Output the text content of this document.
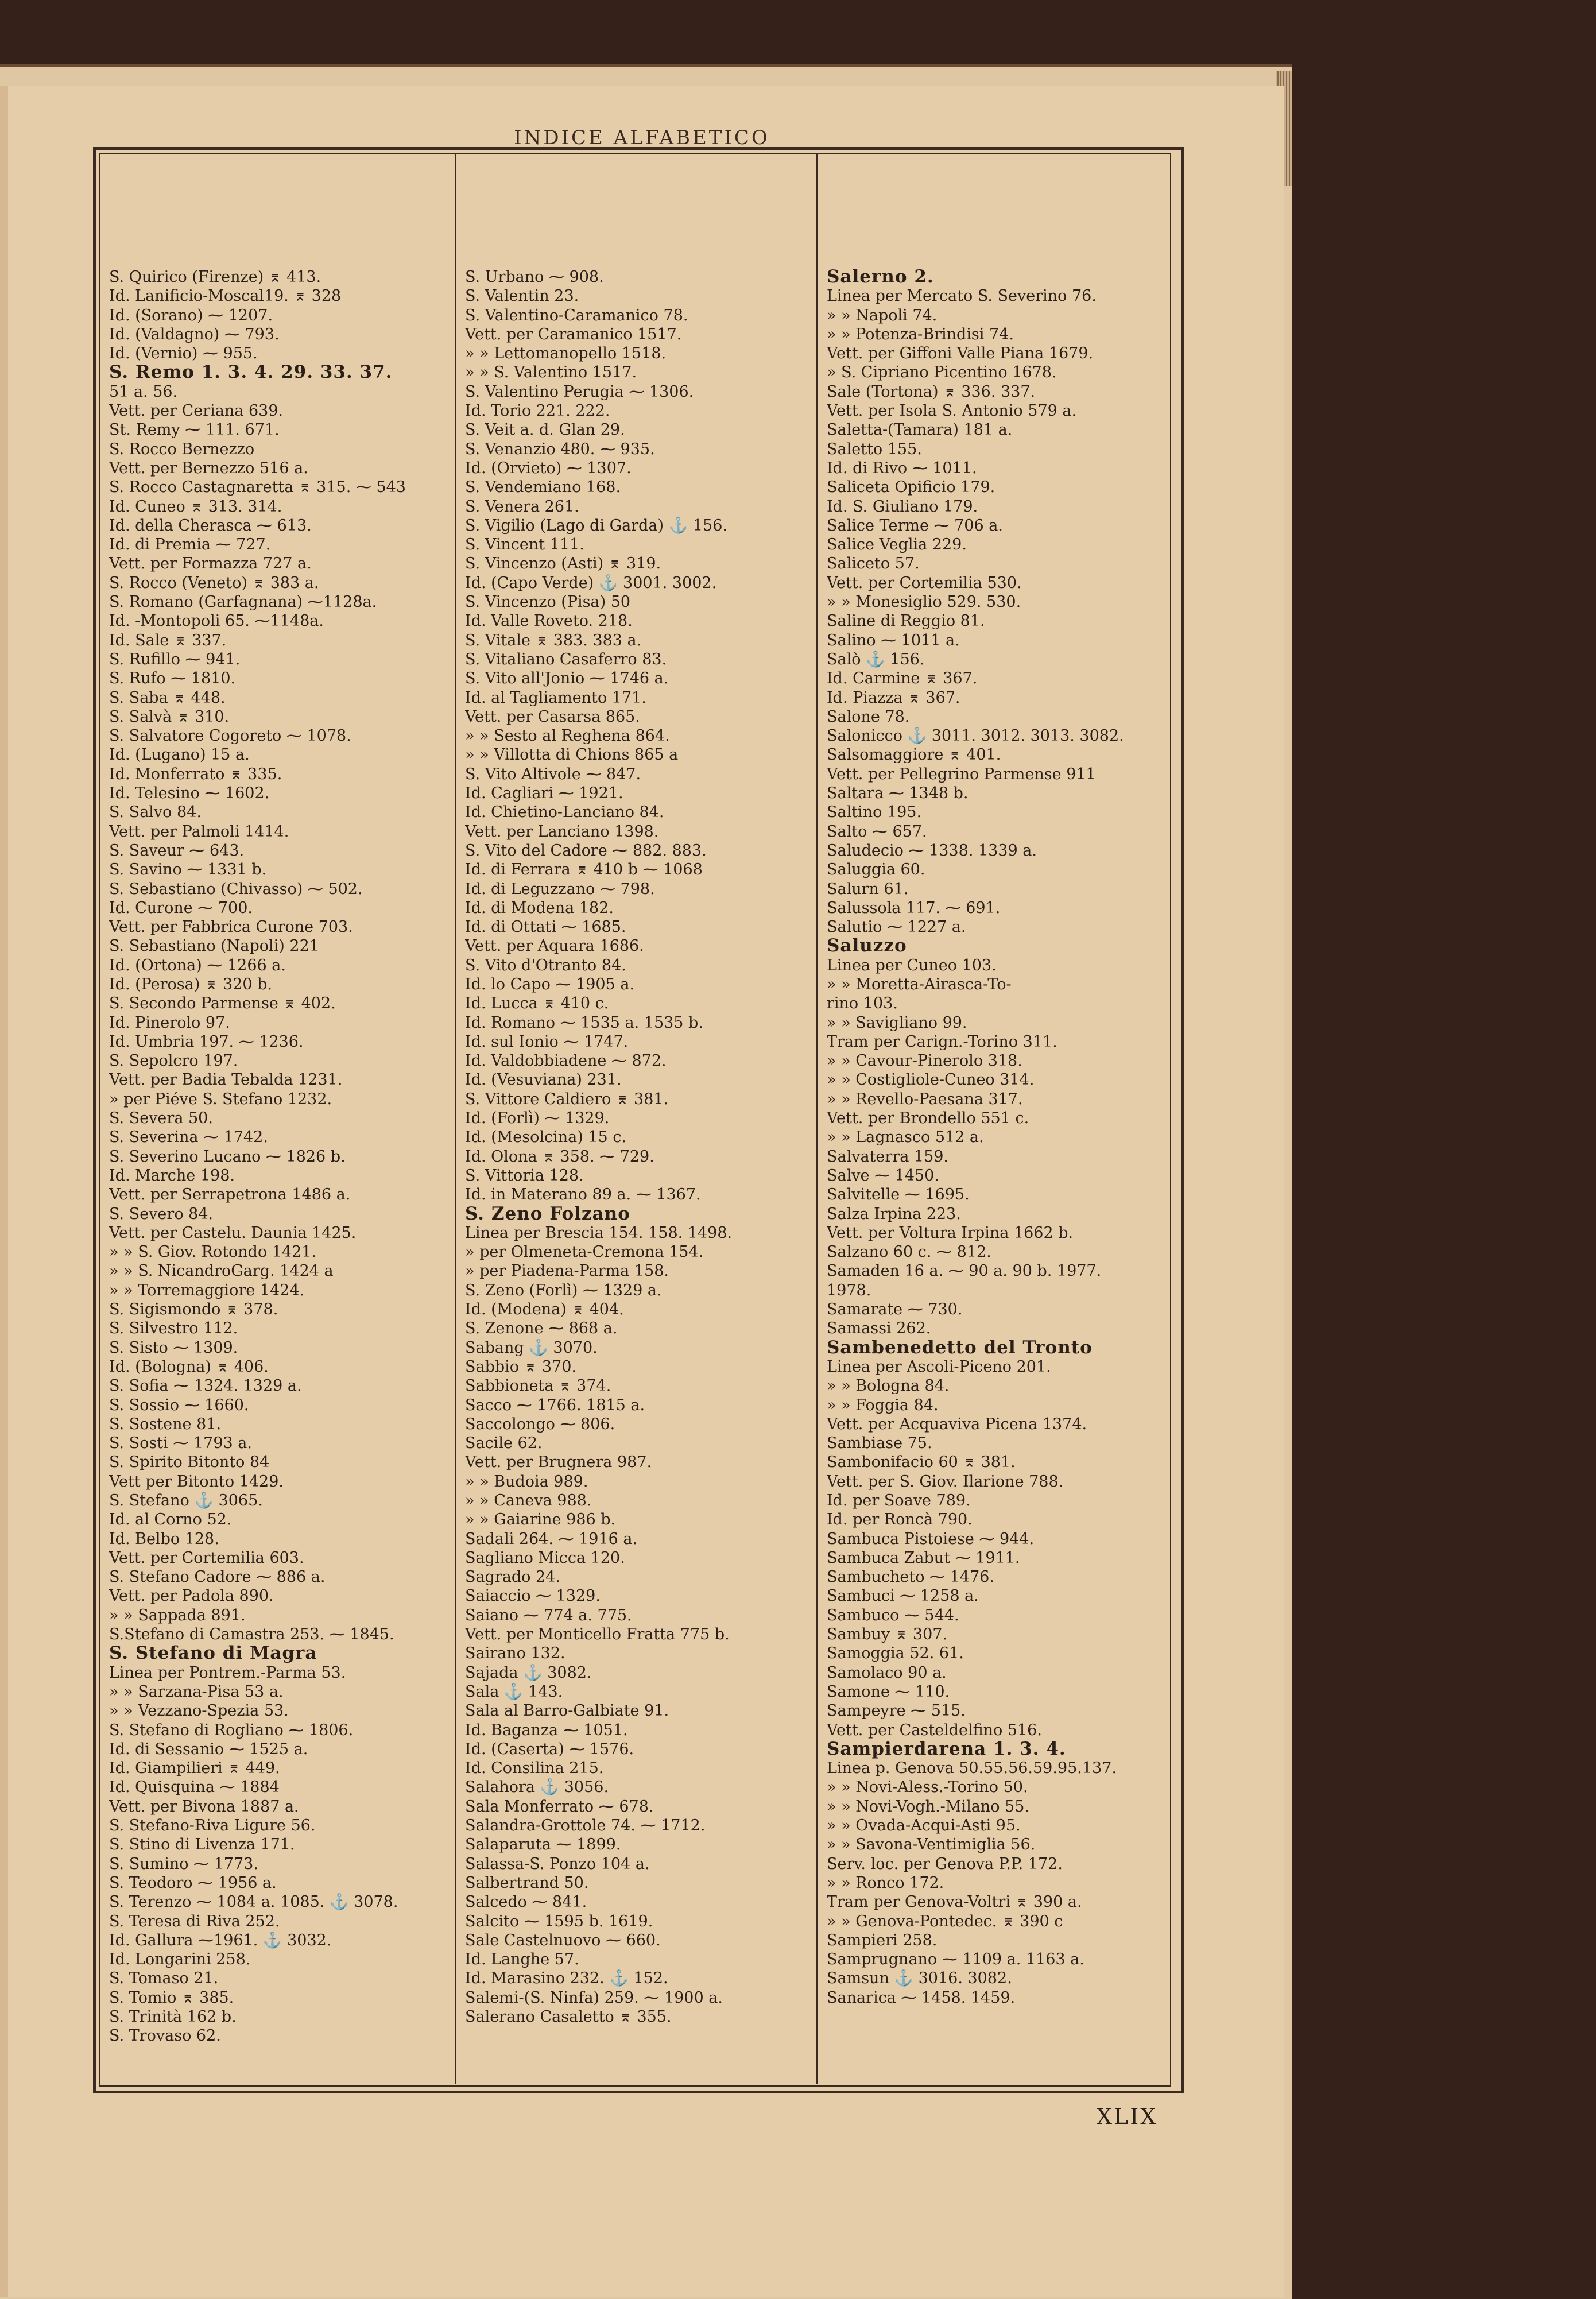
INDICE ALFABETICO
S. Quirico (Firenze) ⌆ 413.
Id. Lanificio-Moscal19. ⌆ 328
Id. (Sorano) ⁓ 1207.
Id. (Valdagno) ⁓ 793.
Id. (Vernio) ⁓ 955.
S. Remo 1. 3. 4. 29. 33. 37.
51 a. 56.
Vett. per Ceriana 639.
St. Remy ⁓ 111. 671.
S. Rocco Bernezzo
Vett. per Bernezzo 516 a.
S. Rocco Castagnaretta ⌆ 315. ⁓ 543
Id. Cuneo ⌆ 313. 314.
Id. della Cherasca ⁓ 613.
Id. di Premia ⁓ 727.
Vett. per Formazza 727 a.
S. Rocco (Veneto) ⌆ 383 a.
S. Romano (Garfagnana) ⁓1128a.
Id. -Montopoli 65. ⁓1148a.
Id. Sale ⌆ 337.
S. Rufillo ⁓ 941.
S. Rufo ⁓ 1810.
S. Saba ⌆ 448.
S. Salvà ⌆ 310.
S. Salvatore Cogoreto ⁓ 1078.
Id. (Lugano) 15 a.
Id. Monferrato ⌆ 335.
Id. Telesino ⁓ 1602.
S. Salvo 84.
Vett. per Palmoli 1414.
S. Saveur ⁓ 643.
S. Savino ⁓ 1331 b.
S. Sebastiano (Chivasso) ⁓ 502.
Id. Curone ⁓ 700.
Vett. per Fabbrica Curone 703.
S. Sebastiano (Napoli) 221
Id. (Ortona) ⁓ 1266 a.
Id. (Perosa) ⌆ 320 b.
S. Secondo Parmense ⌆ 402.
Id. Pinerolo 97.
Id. Umbria 197. ⁓ 1236.
S. Sepolcro 197.
Vett. per Badia Tebalda 1231.
» per Piéve S. Stefano 1232.
S. Severa 50.
S. Severina ⁓ 1742.
S. Severino Lucano ⁓ 1826 b.
Id. Marche 198.
Vett. per Serrapetrona 1486 a.
S. Severo 84.
Vett. per Castelu. Daunia 1425.
» » S. Giov. Rotondo 1421.
» » S. NicandroGarg. 1424 a
» » Torremaggiore 1424.
S. Sigismondo ⌆ 378.
S. Silvestro 112.
S. Sisto ⁓ 1309.
Id. (Bologna) ⌆ 406.
S. Sofia ⁓ 1324. 1329 a.
S. Sossio ⁓ 1660.
S. Sostene 81.
S. Sosti ⁓ 1793 a.
S. Spirito Bitonto 84
Vett per Bitonto 1429.
S. Stefano ⚓ 3065.
Id. al Corno 52.
Id. Belbo 128.
Vett. per Cortemilia 603.
S. Stefano Cadore ⁓ 886 a.
Vett. per Padola 890.
» » Sappada 891.
S.Stefano di Camastra 253. ⁓ 1845.
S. Stefano di Magra
Linea per Pontrem.-Parma 53.
» » Sarzana-Pisa 53 a.
» » Vezzano-Spezia 53.
S. Stefano di Rogliano ⁓ 1806.
Id. di Sessanio ⁓ 1525 a.
Id. Giampilieri ⌆ 449.
Id. Quisquina ⁓ 1884
Vett. per Bivona 1887 a.
S. Stefano-Riva Ligure 56.
S. Stino di Livenza 171.
S. Sumino ⁓ 1773.
S. Teodoro ⁓ 1956 a.
S. Terenzo ⁓ 1084 a. 1085. ⚓ 3078.
S. Teresa di Riva 252.
Id. Gallura ⁓1961. ⚓ 3032.
Id. Longarini 258.
S. Tomaso 21.
S. Tomio ⌆ 385.
S. Trinità 162 b.
S. Trovaso 62.
S. Urbano ⁓ 908.
S. Valentin 23.
S. Valentino-Caramanico 78.
Vett. per Caramanico 1517.
» » Lettomanopello 1518.
» » S. Valentino 1517.
S. Valentino Perugia ⁓ 1306.
Id. Torio 221. 222.
S. Veit a. d. Glan 29.
S. Venanzio 480. ⁓ 935.
Id. (Orvieto) ⁓ 1307.
S. Vendemiano 168.
S. Venera 261.
S. Vigilio (Lago di Garda) ⚓ 156.
S. Vincent 111.
S. Vincenzo (Asti) ⌆ 319.
Id. (Capo Verde) ⚓ 3001. 3002.
S. Vincenzo (Pisa) 50
Id. Valle Roveto. 218.
S. Vitale ⌆ 383. 383 a.
S. Vitaliano Casaferro 83.
S. Vito all'Jonio ⁓ 1746 a.
Id. al Tagliamento 171.
Vett. per Casarsa 865.
» » Sesto al Reghena 864.
» » Villotta di Chions 865 a
S. Vito Altivole ⁓ 847.
Id. Cagliari ⁓ 1921.
Id. Chietino-Lanciano 84.
Vett. per Lanciano 1398.
S. Vito del Cadore ⁓ 882. 883.
Id. di Ferrara ⌆ 410 b ⁓ 1068
Id. di Leguzzano ⁓ 798.
Id. di Modena 182.
Id. di Ottati ⁓ 1685.
Vett. per Aquara 1686.
S. Vito d'Otranto 84.
Id. lo Capo ⁓ 1905 a.
Id. Lucca ⌆ 410 c.
Id. Romano ⁓ 1535 a. 1535 b.
Id. sul Ionio ⁓ 1747.
Id. Valdobbiadene ⁓ 872.
Id. (Vesuviana) 231.
S. Vittore Caldiero ⌆ 381.
Id. (Forlì) ⁓ 1329.
Id. (Mesolcina) 15 c.
Id. Olona ⌆ 358. ⁓ 729.
S. Vittoria 128.
Id. in Materano 89 a. ⁓ 1367.
S. Zeno Folzano
Linea per Brescia 154. 158. 1498.
» per Olmeneta-Cremona 154.
» per Piadena-Parma 158.
S. Zeno (Forlì) ⁓ 1329 a.
Id. (Modena) ⌆ 404.
S. Zenone ⁓ 868 a.
Sabang ⚓ 3070.
Sabbio ⌆ 370.
Sabbioneta ⌆ 374.
Sacco ⁓ 1766. 1815 a.
Saccolongo ⁓ 806.
Sacile 62.
Vett. per Brugnera 987.
» » Budoia 989.
» » Caneva 988.
» » Gaiarine 986 b.
Sadali 264. ⁓ 1916 a.
Sagliano Micca 120.
Sagrado 24.
Saiaccio ⁓ 1329.
Saiano ⁓ 774 a. 775.
Vett. per Monticello Fratta 775 b.
Sairano 132.
Sajada ⚓ 3082.
Sala ⚓ 143.
Sala al Barro-Galbiate 91.
Id. Baganza ⁓ 1051.
Id. (Caserta) ⁓ 1576.
Id. Consilina 215.
Salahora ⚓ 3056.
Sala Monferrato ⁓ 678.
Salandra-Grottole 74. ⁓ 1712.
Salaparuta ⁓ 1899.
Salassa-S. Ponzo 104 a.
Salbertrand 50.
Salcedo ⁓ 841.
Salcito ⁓ 1595 b. 1619.
Sale Castelnuovo ⁓ 660.
Id. Langhe 57.
Id. Marasino 232. ⚓ 152.
Salemi-(S. Ninfa) 259. ⁓ 1900 a.
Salerano Casaletto ⌆ 355.
Salerno 2.
Linea per Mercato S. Severino 76.
» » Napoli 74.
» » Potenza-Brindisi 74.
Vett. per Giffoni Valle Piana 1679.
» S. Cipriano Picentino 1678.
Sale (Tortona) ⌆ 336. 337.
Vett. per Isola S. Antonio 579 a.
Saletta-(Tamara) 181 a.
Saletto 155.
Id. di Rivo ⁓ 1011.
Saliceta Opificio 179.
Id. S. Giuliano 179.
Salice Terme ⁓ 706 a.
Salice Veglia 229.
Saliceto 57.
Vett. per Cortemilia 530.
» » Monesiglio 529. 530.
Saline di Reggio 81.
Salino ⁓ 1011 a.
Salò ⚓ 156.
Id. Carmine ⌆ 367.
Id. Piazza ⌆ 367.
Salone 78.
Salonicco ⚓ 3011. 3012. 3013. 3082.
Salsomaggiore ⌆ 401.
Vett. per Pellegrino Parmense 911
Saltara ⁓ 1348 b.
Saltino 195.
Salto ⁓ 657.
Saludecio ⁓ 1338. 1339 a.
Saluggia 60.
Salurn 61.
Salussola 117. ⁓ 691.
Salutio ⁓ 1227 a.
Saluzzo
Linea per Cuneo 103.
» » Moretta-Airasca-To-
rino 103.
» » Savigliano 99.
Tram per Carign.-Torino 311.
» » Cavour-Pinerolo 318.
» » Costigliole-Cuneo 314.
» » Revello-Paesana 317.
Vett. per Brondello 551 c.
» » Lagnasco 512 a.
Salvaterra 159.
Salve ⁓ 1450.
Salvitelle ⁓ 1695.
Salza Irpina 223.
Vett. per Voltura Irpina 1662 b.
Salzano 60 c. ⁓ 812.
Samaden 16 a. ⁓ 90 a. 90 b. 1977.
1978.
Samarate ⁓ 730.
Samassi 262.
Sambenedetto del Tronto
Linea per Ascoli-Piceno 201.
» » Bologna 84.
» » Foggia 84.
Vett. per Acquaviva Picena 1374.
Sambiase 75.
Sambonifacio 60 ⌆ 381.
Vett. per S. Giov. Ilarione 788.
Id. per Soave 789.
Id. per Roncà 790.
Sambuca Pistoiese ⁓ 944.
Sambuca Zabut ⁓ 1911.
Sambucheto ⁓ 1476.
Sambuci ⁓ 1258 a.
Sambuco ⁓ 544.
Sambuy ⌆ 307.
Samoggia 52. 61.
Samolaco 90 a.
Samone ⁓ 110.
Sampeyre ⁓ 515.
Vett. per Casteldelfino 516.
Sampierdarena 1. 3. 4.
Linea p. Genova 50.55.56.59.95.137.
» » Novi-Aless.-Torino 50.
» » Novi-Vogh.-Milano 55.
» » Ovada-Acqui-Asti 95.
» » Savona-Ventimiglia 56.
Serv. loc. per Genova P.P. 172.
» » Ronco 172.
Tram per Genova-Voltri ⌆ 390 a.
» » Genova-Pontedec. ⌆ 390 c
Sampieri 258.
Samprugnano ⁓ 1109 a. 1163 a.
Samsun ⚓ 3016. 3082.
Sanarica ⁓ 1458. 1459.
XLIX
